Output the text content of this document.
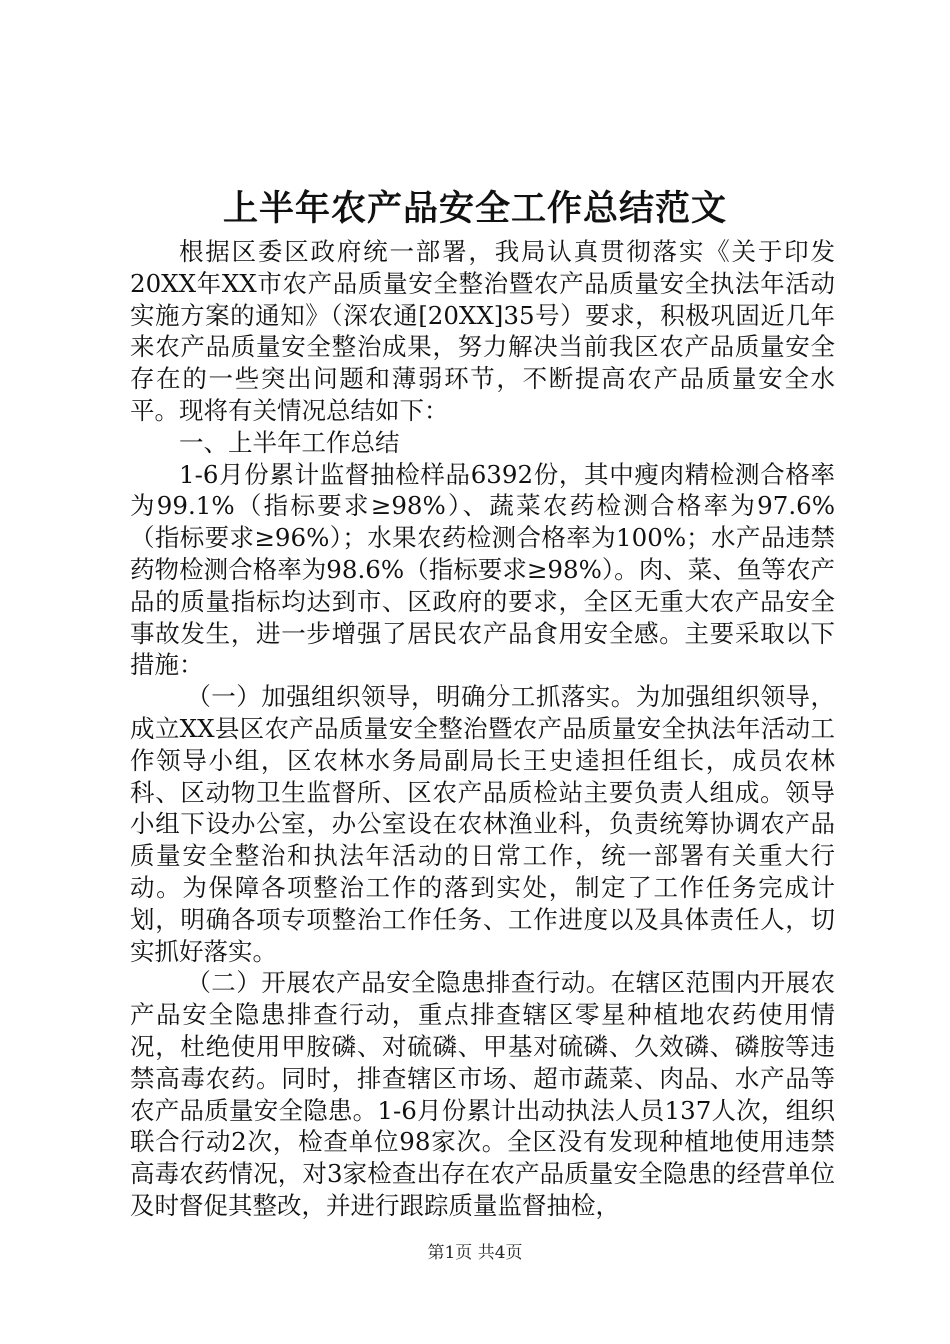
上半年农产品安全工作总结范文

根据区委区政府统一部署，我局认真贯彻落实《关于印发20XX年XX市农产品质量安全整治暨农产品质量安全执法年活动实施方案的通知》（深农通[20XX]35号）要求，积极巩固近几年来农产品质量安全整治成果，努力解决当前我区农产品质量安全存在的一些突出问题和薄弱环节，不断提高农产品质量安全水平。现将有关情况总结如下：

一、上半年工作总结

1-6月份累计监督抽检样品6392份，其中瘦肉精检测合格率为99.1%（指标要求≥98%）、蔬菜农药检测合格率为97.6%（指标要求≥96%）；水果农药检测合格率为100%；水产品违禁药物检测合格率为98.6%（指标要求≥98%）。肉、菜、鱼等农产品的质量指标均达到市、区政府的要求，全区无重大农产品安全事故发生，进一步增强了居民农产品食用安全感。主要采取以下措施：

（一）加强组织领导，明确分工抓落实。为加强组织领导，成立XX县区农产品质量安全整治暨农产品质量安全执法年活动工作领导小组，区农林水务局副局长王史逵担任组长，成员农林科、区动物卫生监督所、区农产品质检站主要负责人组成。领导小组下设办公室，办公室设在农林渔业科，负责统筹协调农产品质量安全整治和执法年活动的日常工作，统一部署有关重大行动。为保障各项整治工作的落到实处，制定了工作任务完成计划，明确各项专项整治工作任务、工作进度以及具体责任人，切实抓好落实。

（二）开展农产品安全隐患排查行动。在辖区范围内开展农产品安全隐患排查行动，重点排查辖区零星种植地农药使用情况，杜绝使用甲胺磷、对硫磷、甲基对硫磷、久效磷、磷胺等违禁高毒农药。同时，排查辖区市场、超市蔬菜、肉品、水产品等农产品质量安全隐患。1-6月份累计出动执法人员137人次，组织联合行动2次，检查单位98家次。全区没有发现种植地使用违禁高毒农药情况，对3家检查出存在农产品质量安全隐患的经营单位及时督促其整改，并进行跟踪质量监督抽检，

第1页 共4页
